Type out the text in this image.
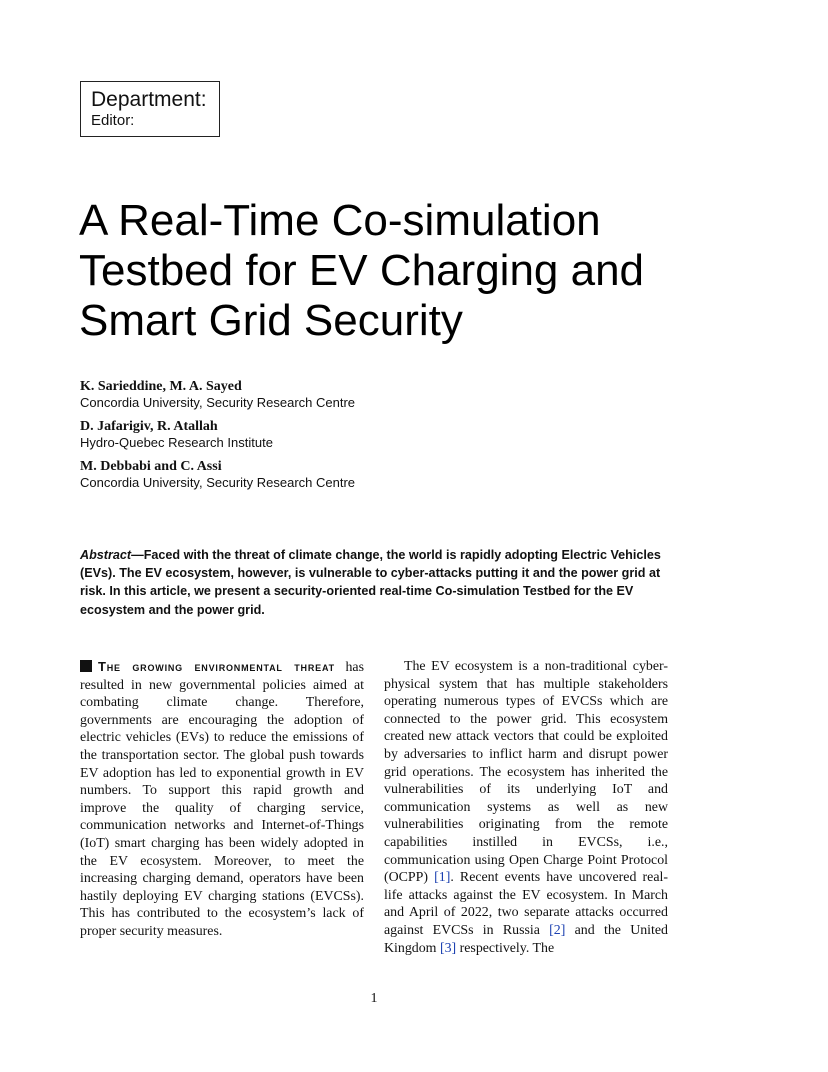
Department:
Editor:
A Real-Time Co-simulation Testbed for EV Charging and Smart Grid Security
K. Sarieddine, M. A. Sayed
Concordia University, Security Research Centre
D. Jafarigiv, R. Atallah
Hydro-Quebec Research Institute
M. Debbabi and C. Assi
Concordia University, Security Research Centre

Abstract—Faced with the threat of climate change, the world is rapidly adopting Electric Vehicles (EVs). The EV ecosystem, however, is vulnerable to cyber-attacks putting it and the power grid at risk. In this article, we present a security-oriented real-time Co-simulation Testbed for the EV ecosystem and the power grid.

The growing environmental threat has resulted in new governmental policies aimed at combating climate change. Therefore, governments are encouraging the adoption of electric vehicles (EVs) to reduce the emissions of the transportation sector. The global push towards EV adoption has led to exponential growth in EV numbers. To support this rapid growth and improve the quality of charging service, communication networks and Internet-of-Things (IoT) smart charging has been widely adopted in the EV ecosystem. Moreover, to meet the increasing charging demand, operators have been hastily deploying EV charging stations (EVCSs). This has contributed to the ecosystem’s lack of proper security measures.

The EV ecosystem is a non-traditional cyber-physical system that has multiple stakeholders operating numerous types of EVCSs which are connected to the power grid. This ecosystem created new attack vectors that could be exploited by adversaries to inflict harm and disrupt power grid operations. The ecosystem has inherited the vulnerabilities of its underlying IoT and communication systems as well as new vulnerabilities originating from the remote capabilities instilled in EVCSs, i.e., communication using Open Charge Point Protocol (OCPP) [1]. Recent events have uncovered real-life attacks against the EV ecosystem. In March and April of 2022, two separate attacks occurred against EVCSs in Russia [2] and the United Kingdom [3] respectively. The

1
